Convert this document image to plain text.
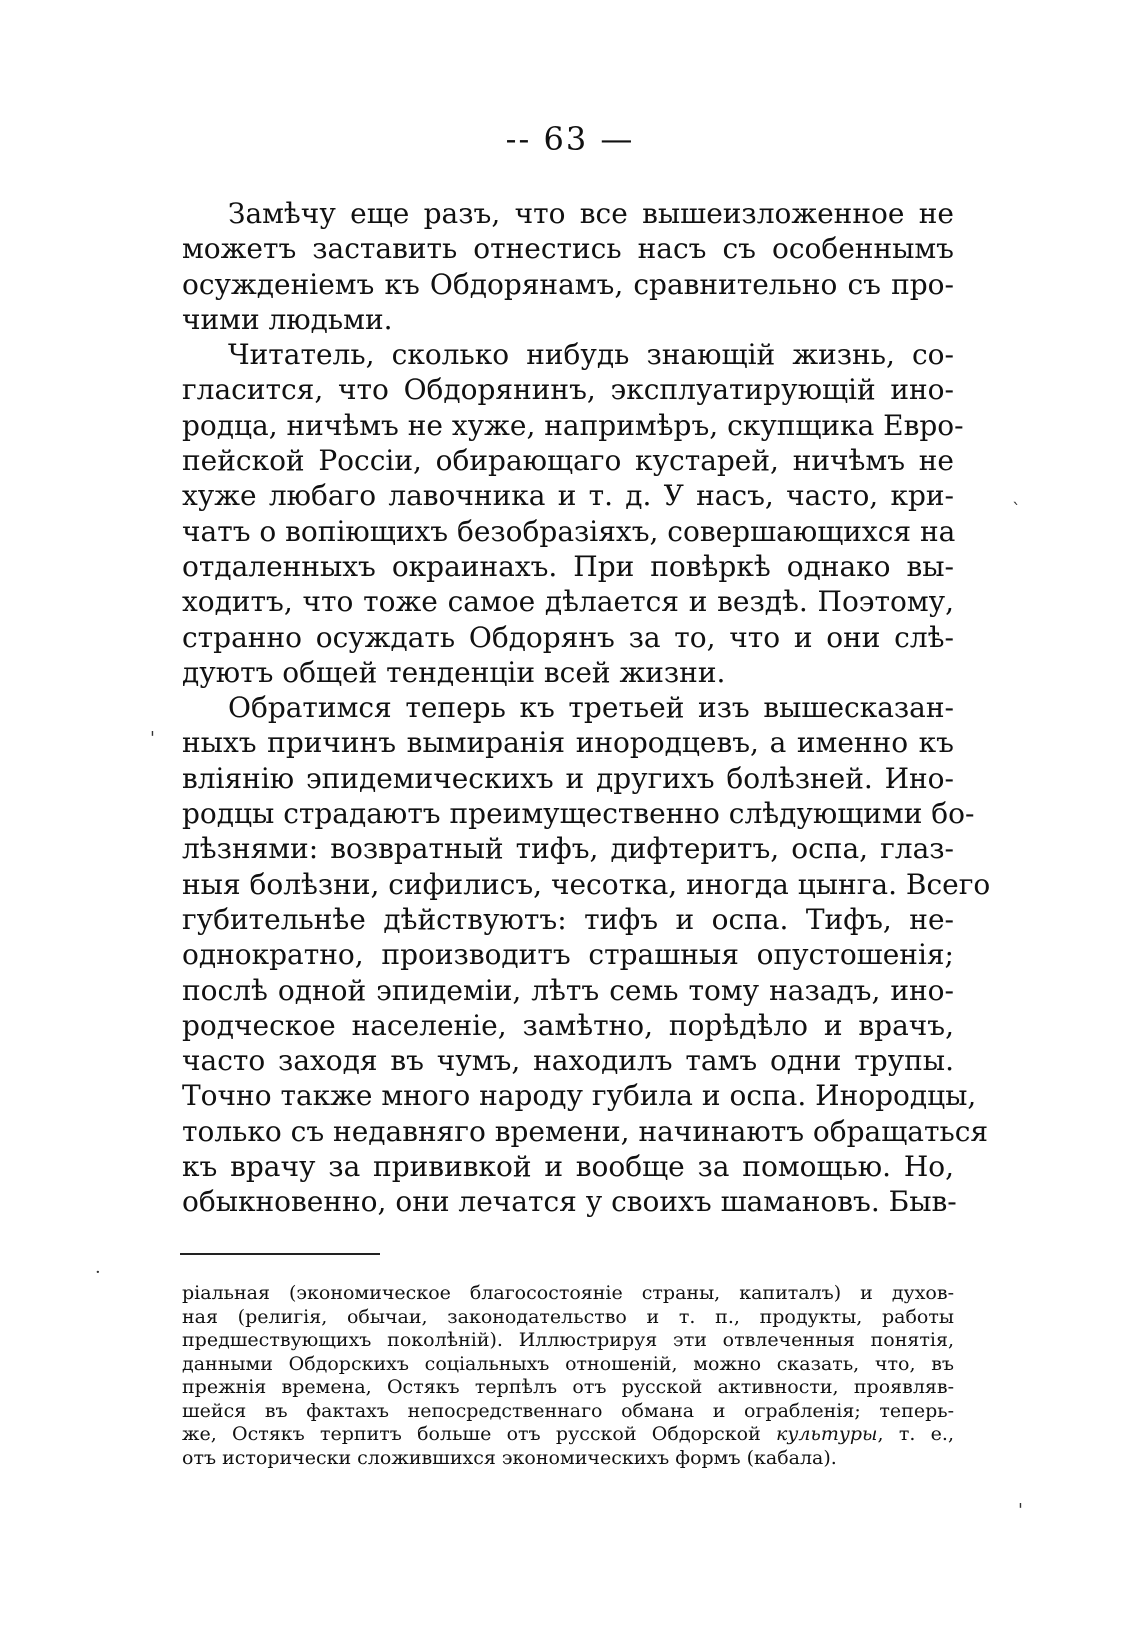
-- 63 —

Замѣчу еще разъ, что все вышеизложенное не
можетъ заставить отнестись насъ съ особеннымъ
осужденіемъ къ Обдорянамъ, сравнительно съ про-
чими людьми.

Читатель, сколько нибудь знающій жизнь, со-
гласится, что Обдорянинъ, эксплуатирующій ино-
родца, ничѣмъ не хуже, напримѣръ, скупщика Евро-
пейской Россіи, обирающаго кустарей, ничѣмъ не
хуже любаго лавочника и т. д. У насъ, часто, кри-
чатъ о вопіющихъ безобразіяхъ, совершающихся на
отдаленныхъ окраинахъ. При повѣркѣ однако вы-
ходитъ, что тоже самое дѣлается и вездѣ. Поэтому,
странно осуждать Обдорянъ за то, что и они слѣ-
дуютъ общей тенденціи всей жизни.

Обратимся теперь къ третьей изъ вышесказан-
ныхъ причинъ вымиранія инородцевъ, а именно къ
вліянію эпидемическихъ и другихъ болѣзней. Ино-
родцы страдаютъ преимущественно слѣдующими бо-
лѣзнями: возвратный тифъ, дифтеритъ, оспа, глаз-
ныя болѣзни, сифилисъ, чесотка, иногда цынга. Всего
губительнѣе дѣйствуютъ: тифъ и оспа. Тифъ, не-
однократно, производитъ страшныя опустошенія;
послѣ одной эпидеміи, лѣтъ семь тому назадъ, ино-
родческое населеніе, замѣтно, порѣдѣло и врачъ,
часто заходя въ чумъ, находилъ тамъ одни трупы.
Точно также много народу губила и оспа. Инородцы,
только съ недавняго времени, начинаютъ обращаться
къ врачу за прививкой и вообще за помощью. Но,
обыкновенно, они лечатся у своихъ шамановъ. Быв-

ріальная (экономическое благосостояніе страны, капиталъ) и духов-
ная (религія, обычаи, законодательство и т. п., продукты, работы
предшествующихъ поколѣній). Иллюстрируя эти отвлеченныя понятія,
данными Обдорскихъ соціальныхъ отношеній, можно сказать, что, въ
прежнія времена, Остякъ терпѣлъ отъ русской активности, проявляв-
шейся въ фактахъ непосредственнаго обмана и ограбленія; теперь-
же, Остякъ терпитъ больше отъ русской Обдорской культуры, т. е.,
отъ исторически сложившихся экономическихъ формъ (кабала).
`
'
·
'
